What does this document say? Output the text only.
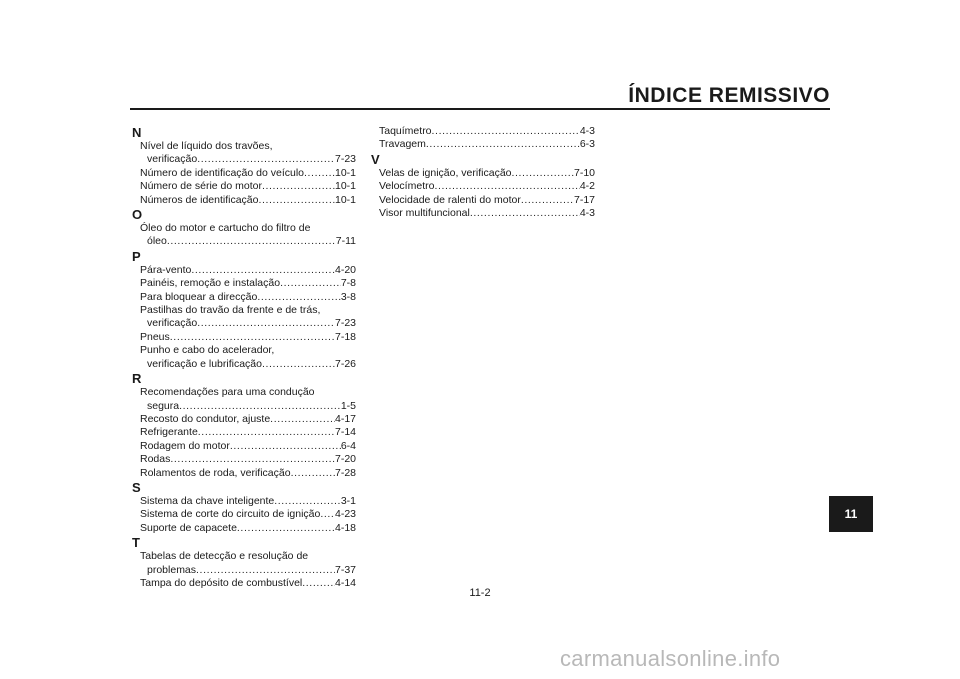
ÍNDICE REMISSIVO
N
Nível de líquido dos travões,
verificação .....	7-23
Número de identificação do veículo .....	10-1
Número de série do motor .....	10-1
Números de identificação .....	10-1
O
Óleo do motor e cartucho do filtro de
óleo .....	7-11
P
Pára-vento .....	4-20
Painéis, remoção e instalação .....	7-8
Para bloquear a direcção .....	3-8
Pastilhas do travão da frente e de trás,
verificação .....	7-23
Pneus .....	7-18
Punho e cabo do acelerador,
verificação e lubrificação .....	7-26
R
Recomendações para uma condução
segura .....	1-5
Recosto do condutor, ajuste .....	4-17
Refrigerante .....	7-14
Rodagem do motor .....	6-4
Rodas .....	7-20
Rolamentos de roda, verificação .....	7-28
S
Sistema da chave inteligente .....	3-1
Sistema de corte do circuito de ignição ..... 4-23
Suporte de capacete .....	4-18
T
Tabelas de detecção e resolução de
problemas .....	7-37
Tampa do depósito de combustível .....	4-14
Taquímetro .....	4-3
Travagem .....	6-3
V
Velas de ignição, verificação .....	7-10
Velocímetro .....	4-2
Velocidade de ralenti do motor .....	7-17
Visor multifuncional .....	4-3
11-2
11
carmanualsonline.info
